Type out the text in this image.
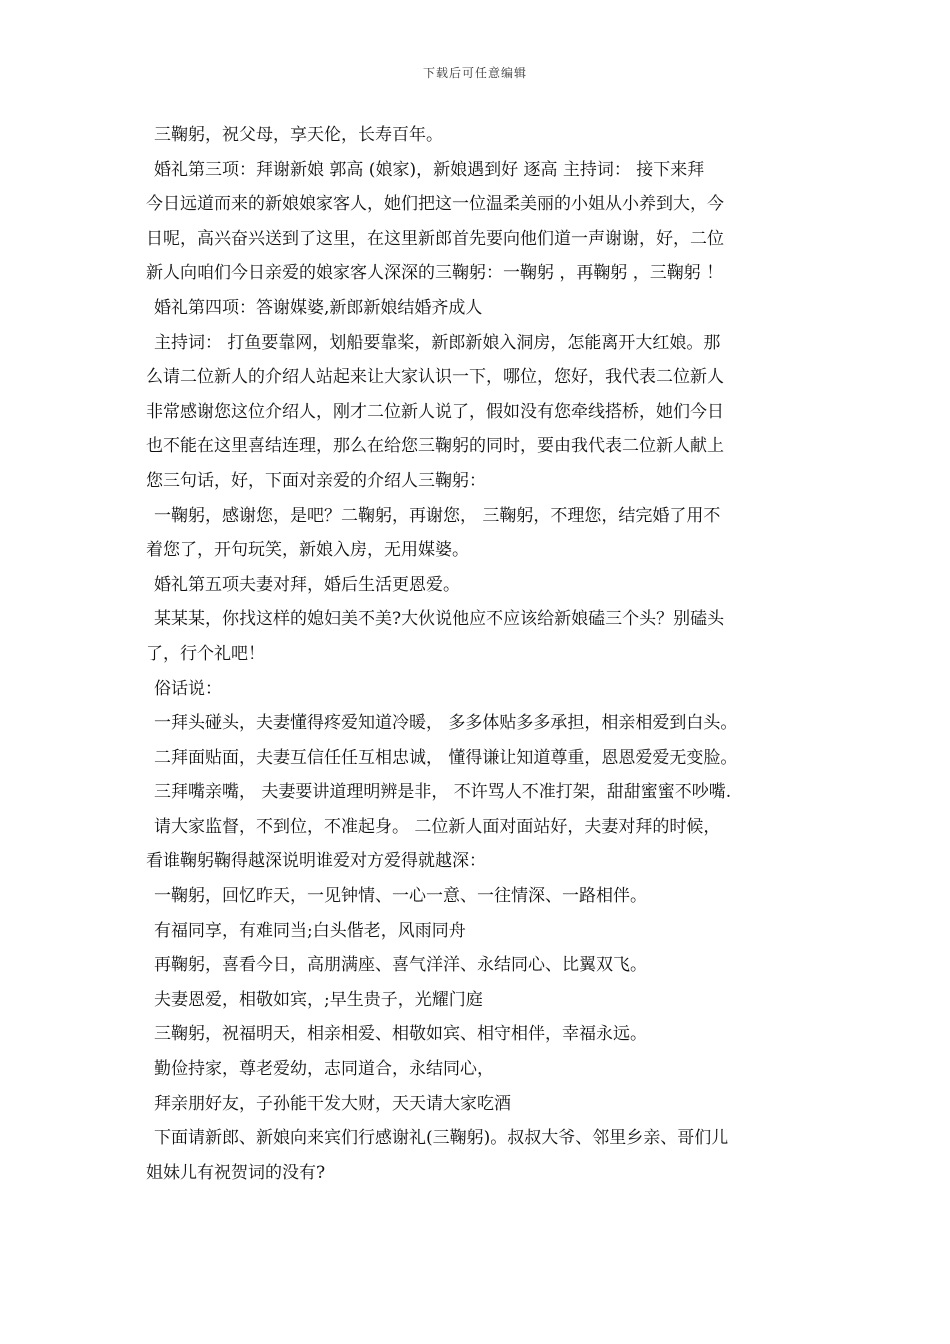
下载后可任意编辑
三鞠躬，祝父母，享天伦，长寿百年。
婚礼第三项：拜谢新娘 郭高 (娘家)，新娘遇到好 逐高 主持词： 接下来拜
今日远道而来的新娘娘家客人，她们把这一位温柔美丽的小姐从小养到大，今
日呢，高兴奋兴送到了这里，在这里新郎首先要向他们道一声谢谢，好，二位
新人向咱们今日亲爱的娘家客人深深的三鞠躬：一鞠躬 ，再鞠躬 ，三鞠躬 ！
婚礼第四项：答谢媒婆,新郎新娘结婚齐成人
主持词： 打鱼要靠网，划船要靠桨，新郎新娘入洞房，怎能离开大红娘。那
么请二位新人的介绍人站起来让大家认识一下，哪位，您好，我代表二位新人
非常感谢您这位介绍人，刚才二位新人说了，假如没有您牵线搭桥，她们今日
也不能在这里喜结连理，那么在给您三鞠躬的同时，要由我代表二位新人献上
您三句话，好，下面对亲爱的介绍人三鞠躬：
一鞠躬，感谢您，是吧？二鞠躬，再谢您， 三鞠躬，不理您，结完婚了用不
着您了，开句玩笑，新娘入房，无用媒婆。
婚礼第五项夫妻对拜，婚后生活更恩爱。
某某某，你找这样的媳妇美不美?大伙说他应不应该给新娘磕三个头？别磕头
了，行个礼吧！
俗话说：
一拜头碰头，夫妻懂得疼爱知道冷暖， 多多体贴多多承担，相亲相爱到白头。
二拜面贴面，夫妻互信任任互相忠诚， 懂得谦让知道尊重，恩恩爱爱无变脸。
三拜嘴亲嘴， 夫妻要讲道理明辨是非， 不许骂人不准打架，甜甜蜜蜜不吵嘴.
请大家监督，不到位，不准起身。 二位新人面对面站好，夫妻对拜的时候，
看谁鞠躬鞠得越深说明谁爱对方爱得就越深：
一鞠躬，回忆昨天，一见钟情、一心一意、一往情深、一路相伴。
有福同享，有难同当;白头偕老，风雨同舟
再鞠躬，喜看今日，高朋满座、喜气洋洋、永结同心、比翼双飞。
夫妻恩爱，相敬如宾，;早生贵子，光耀门庭
三鞠躬，祝福明天，相亲相爱、相敬如宾、相守相伴，幸福永远。
勤俭持家，尊老爱幼，志同道合，永结同心，
拜亲朋好友，子孙能干发大财，天天请大家吃酒
下面请新郎、新娘向来宾们行感谢礼(三鞠躬)。叔叔大爷、邻里乡亲、哥们儿
姐妹儿有祝贺词的没有?
